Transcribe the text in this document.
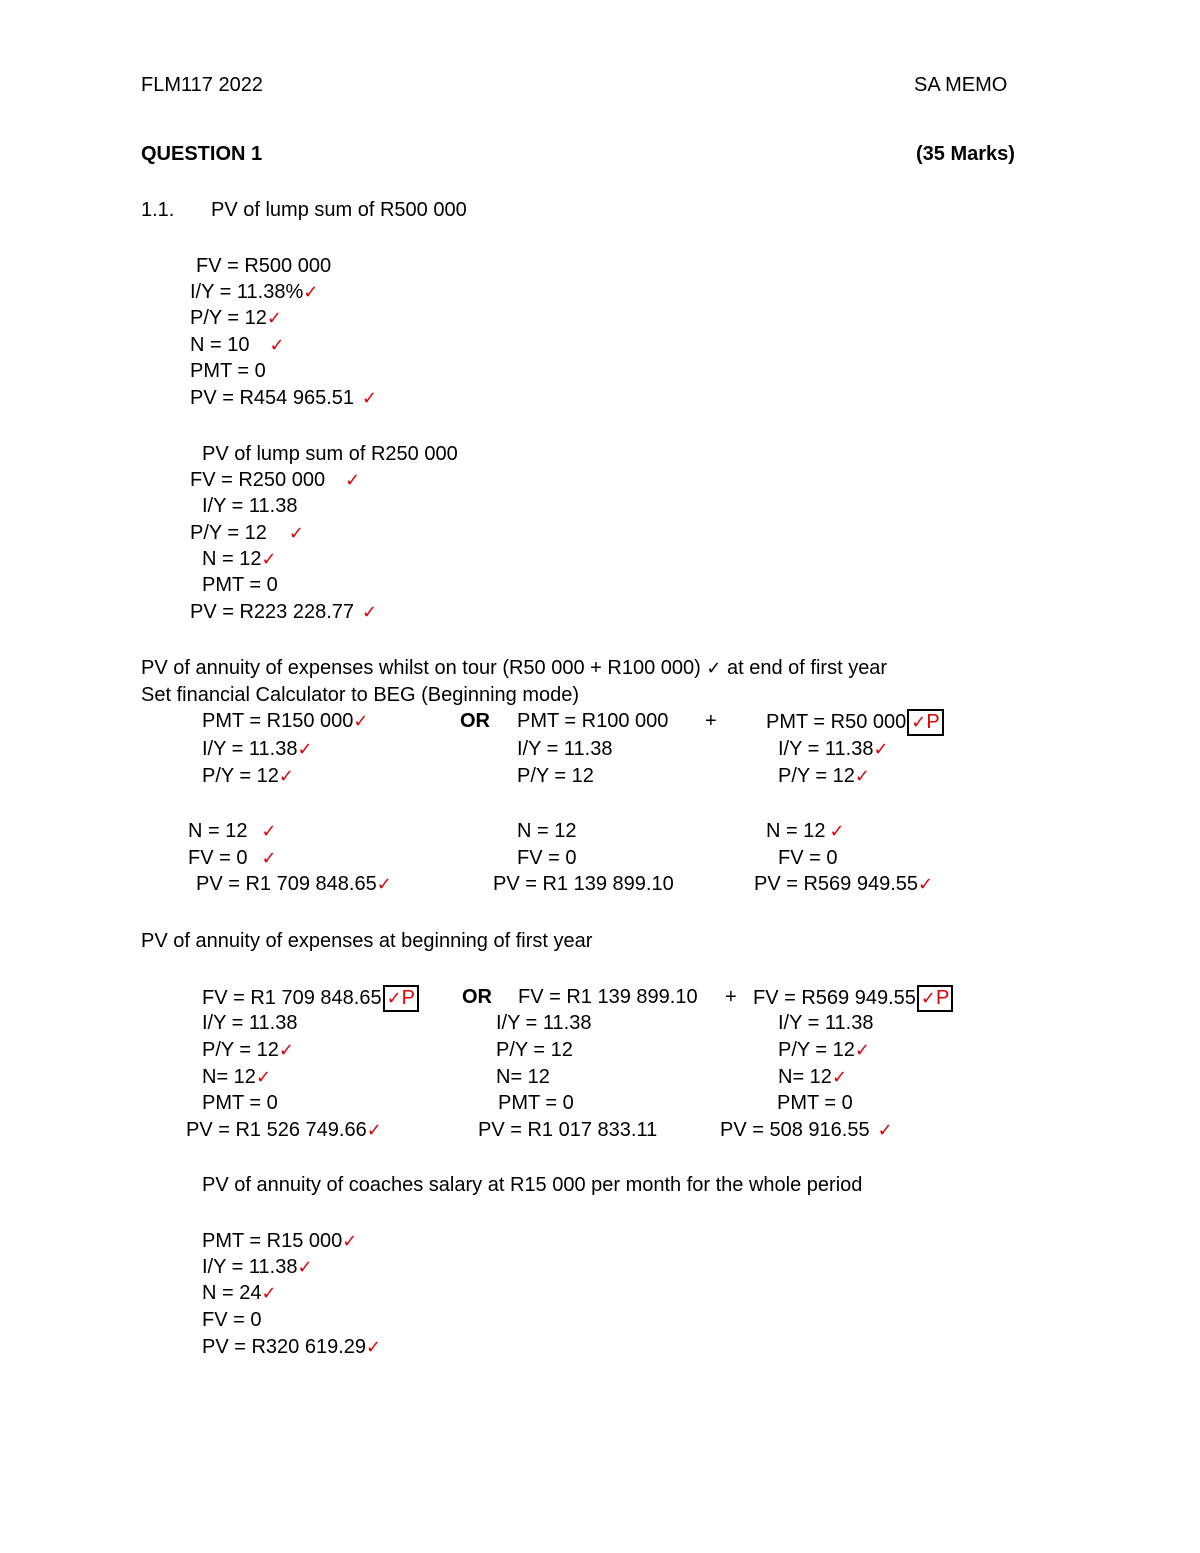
FLM117 2022	SA MEMO
QUESTION 1	(35 Marks)
1.1. PV of lump sum of R500 000
FV = R500 000
I/Y = 11.38%✓
P/Y = 12✓
N = 10 ✓
PMT = 0
PV = R454 965.51 ✓
PV of lump sum of R250 000
FV = R250 000 ✓
I/Y = 11.38
P/Y = 12 ✓
N = 12✓
PMT = 0
PV = R223 228.77 ✓
PV of annuity of expenses whilst on tour (R50 000 + R100 000) ✓ at end of first year
Set financial Calculator to BEG (Beginning mode)
PMT = R150 000✓
I/Y = 11.38✓
P/Y = 12✓
N = 12 ✓
FV = 0 ✓
PV = R1 709 848.65✓
OR PMT = R100 000 +
I/Y = 11.38
P/Y = 12
N = 12
FV = 0
PV = R1 139 899.10
PMT = R50 000 ✓P
I/Y = 11.38✓
P/Y = 12✓
N = 12 ✓
FV = 0
PV = R569 949.55✓
PV of annuity of expenses at beginning of first year
FV = R1 709 848.65 ✓P
I/Y = 11.38
P/Y = 12✓
N= 12✓
PMT = 0
PV = R1 526 749.66✓
OR FV = R1 139 899.10 +
I/Y = 11.38
P/Y = 12
N= 12
PMT = 0
PV = R1 017 833.11
FV = R569 949.55 ✓P
I/Y = 11.38
P/Y = 12✓
N= 12✓
PMT = 0
PV = 508 916.55 ✓
PV of annuity of coaches salary at R15 000 per month for the whole period
PMT = R15 000✓
I/Y = 11.38✓
N = 24✓
FV = 0
PV = R320 619.29✓
